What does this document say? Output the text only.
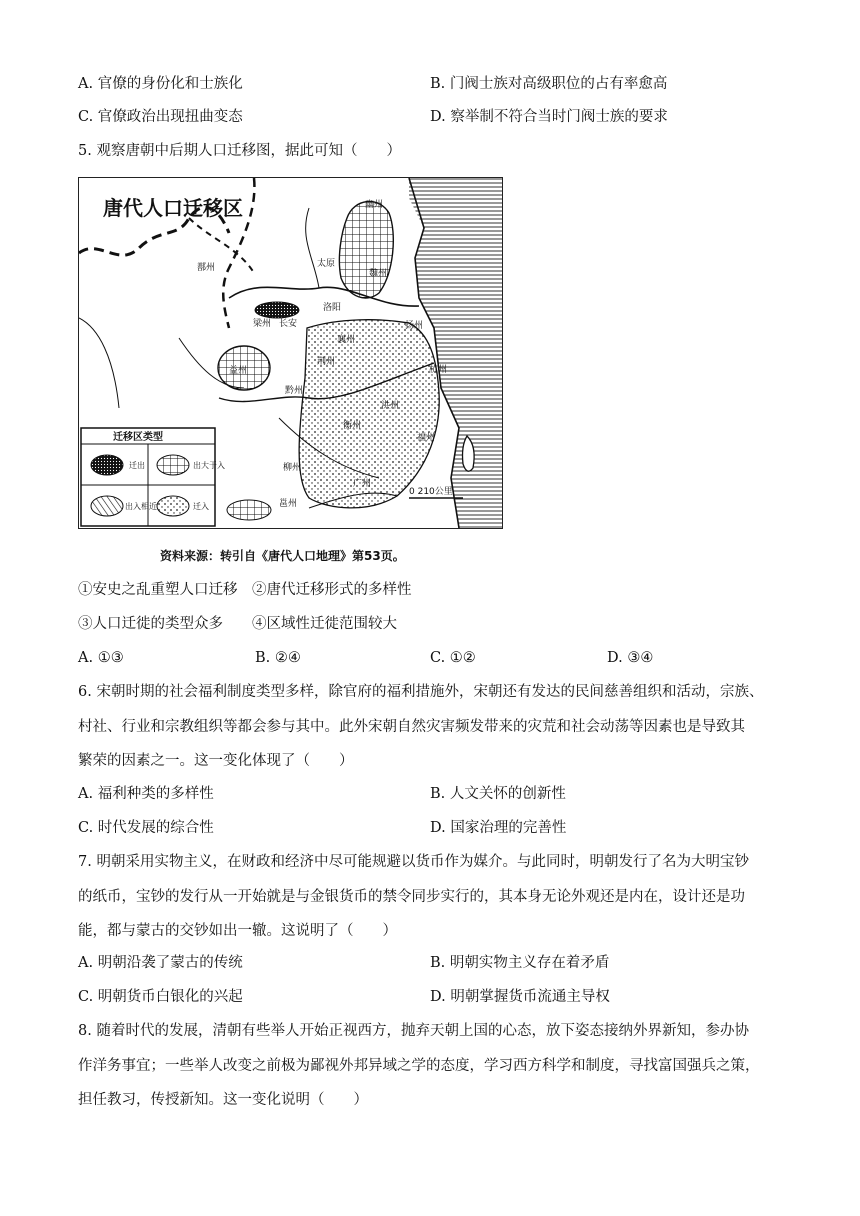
A. 官僚的身份化和士族化	B. 门阀士族对高级职位的占有率愈高
C. 官僚政治出现扭曲变态	D. 察举制不符合当时门阀士族的要求
5. 观察唐朝中后期人口迁移图，据此可知（　　）
唐代人口迁移区	幽州
太原
魏州
鄯州
洛阳
梁州 长安	扬州
襄州
荆州
益州
黔州
杭州
洪州
衡州
福州
柳州
广州
邕州
0 210公里
迁移区类型
迁出	出大于入
出入相近	迁入
资料来源：转引自《唐代人口地理》第53页。
①安史之乱重塑人口迁移　②唐代迁移形式的多样性
③人口迁徙的类型众多　　④区域性迁徙范围较大
A. ①③	B. ②④	C. ①②	D. ③④
6. 宋朝时期的社会福利制度类型多样，除官府的福利措施外，宋朝还有发达的民间慈善组织和活动，宗族、
村社、行业和宗教组织等都会参与其中。此外宋朝自然灾害频发带来的灾荒和社会动荡等因素也是导致其
繁荣的因素之一。这一变化体现了（　　）
A. 福利种类的多样性	B. 人文关怀的创新性
C. 时代发展的综合性	D. 国家治理的完善性
7. 明朝采用实物主义，在财政和经济中尽可能规避以货币作为媒介。与此同时，明朝发行了名为大明宝钞
的纸币，宝钞的发行从一开始就是与金银货币的禁令同步实行的，其本身无论外观还是内在，设计还是功
能，都与蒙古的交钞如出一辙。这说明了（　　）
A. 明朝沿袭了蒙古的传统	B. 明朝实物主义存在着矛盾
C. 明朝货币白银化的兴起	D. 明朝掌握货币流通主导权
8. 随着时代的发展，清朝有些举人开始正视西方，抛弃天朝上国的心态，放下姿态接纳外界新知，参办协
作洋务事宜；一些举人改变之前极为鄙视外邦异域之学的态度，学习西方科学和制度，寻找富国强兵之策，
担任教习，传授新知。这一变化说明（　　）
